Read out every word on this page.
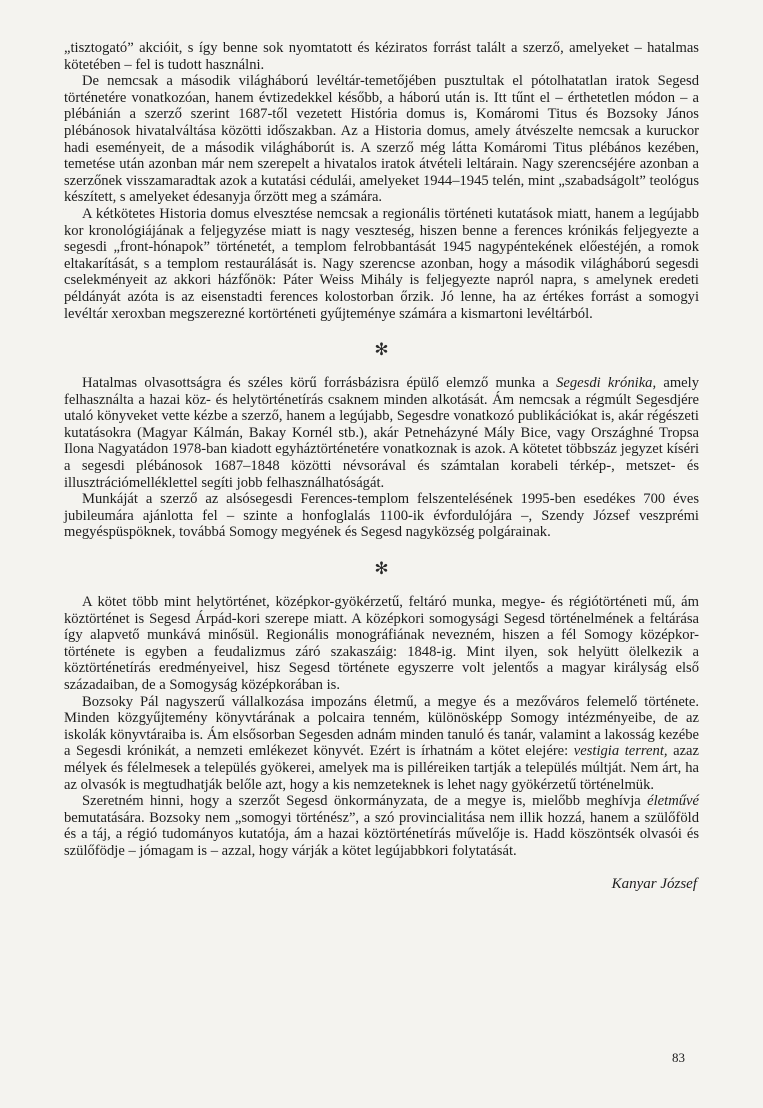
„tisztogató” akcióit, s így benne sok nyomtatott és kéziratos forrást talált a szerző, amelyeket – hatalmas kötetében – fel is tudott használni.

De nemcsak a második világháború levéltár-temetőjében pusztultak el pótolhatatlan iratok Segesd történetére vonatkozóan, hanem évtizedekkel később, a háború után is. Itt tűnt el – érthetetlen módon – a plébánián a szerző szerint 1687-től vezetett História domus is, Komáromi Titus és Bozsoky János plébánosok hivatalváltása közötti időszakban. Az a Historia domus, amely átvészelte nemcsak a kuruckor hadi eseményeit, de a második világháborút is. A szerző még látta Komáromi Titus plébános kezében, temetése után azonban már nem szerepelt a hivatalos iratok átvételi leltárain. Nagy szerencséjére azonban a szerzőnek visszamaradtak azok a kutatási cédulái, amelyeket 1944–1945 telén, mint „szabadságolt” teológus készített, s amelyeket édesanyja őrzött meg a számára.

A kétkötetes Historia domus elvesztése nemcsak a regionális történeti kutatások miatt, hanem a legújabb kor kronológiájának a feljegyzése miatt is nagy veszteség, hiszen benne a ferences krónikás feljegyezte a segesdi „front-hónapok” történetét, a templom felrobbantását 1945 nagypéntekének előestéjén, a romok eltakarítását, s a templom restaurálását is. Nagy szerencse azonban, hogy a második világháború segesdi cselekményeit az akkori házfőnök: Páter Weiss Mihály is feljegyezte napról napra, s amelynek eredeti példányát azóta is az eisenstadti ferences kolostorban őrzik. Jó lenne, ha az értékes forrást a somogyi levéltár xeroxban megszerezné kortörténeti gyűjteménye számára a kismartoni levéltárból.

✻

Hatalmas olvasottságra és széles körű forrásbázisra épülő elemző munka a Segesdi krónika, amely felhasználta a hazai köz- és helytörténetírás csaknem minden alkotását. Ám nemcsak a régmúlt Segesdjére utaló könyveket vette kézbe a szerző, hanem a legújabb, Segesdre vonatkozó publikációkat is, akár régészeti kutatásokra (Magyar Kálmán, Bakay Kornél stb.), akár Petneházyné Mály Bice, vagy Országhné Tropsa Ilona Nagyatádon 1978-ban kiadott egyháztörténetére vonatkoznak is azok. A kötetet többszáz jegyzet kíséri a segesdi plébánosok 1687–1848 közötti névsorával és számtalan korabeli térkép-, metszet- és illusztrációmelléklettel segíti jobb felhasználhatóságát.

Munkáját a szerző az alsósegesdi Ferences-templom felszentelésének 1995-ben esedékes 700 éves jubileumára ajánlotta fel – szinte a honfoglalás 1100-ik évfordulójára –, Szendy József veszprémi megyéspüspöknek, továbbá Somogy megyének és Segesd nagyközség polgárainak.

✻

A kötet több mint helytörténet, középkor-gyökérzetű, feltáró munka, megye- és régiótörténeti mű, ám köztörténet is Segesd Árpád-kori szerepe miatt. A középkori somogysági Segesd történelmének a feltárása így alapvető munkává minősül. Regionális monográfiának nevezném, hiszen a fél Somogy középkor-története is egyben a feudalizmus záró szakaszáig: 1848-ig. Mint ilyen, sok helyütt ölelkezik a köztörténetírás eredményeivel, hisz Segesd története egyszerre volt jelentős a magyar királyság első századaiban, de a Somogyság középkorában is.

Bozsoky Pál nagyszerű vállalkozása impozáns életmű, a megye és a mezőváros felemelő története. Minden közgyűjtemény könyvtárának a polcaira tenném, különösképp Somogy intézményeibe, de az iskolák könyvtáraiba is. Ám elsősorban Segesden adnám minden tanuló és tanár, valamint a lakosság kezébe a Segesdi krónikát, a nemzeti emlékezet könyvét. Ezért is írhatnám a kötet elejére: vestigia terrent, azaz mélyek és félelmesek a település gyökerei, amelyek ma is pilléreiken tartják a település múltját. Nem árt, ha az olvasók is megtudhatják belőle azt, hogy a kis nemzeteknek is lehet nagy gyökérzetű történelmük.

Szeretném hinni, hogy a szerzőt Segesd önkormányzata, de a megye is, mielőbb meghívja életművé bemutatására. Bozsoky nem „somogyi történész”, a szó provincialitása nem illik hozzá, hanem a szülőföld és a táj, a régió tudományos kutatója, ám a hazai köztörténetírás művelője is. Hadd köszöntsék olvasói és szülőfödje – jómagam is – azzal, hogy várják a kötet legújabbkori folytatását.

Kanyar József
83
